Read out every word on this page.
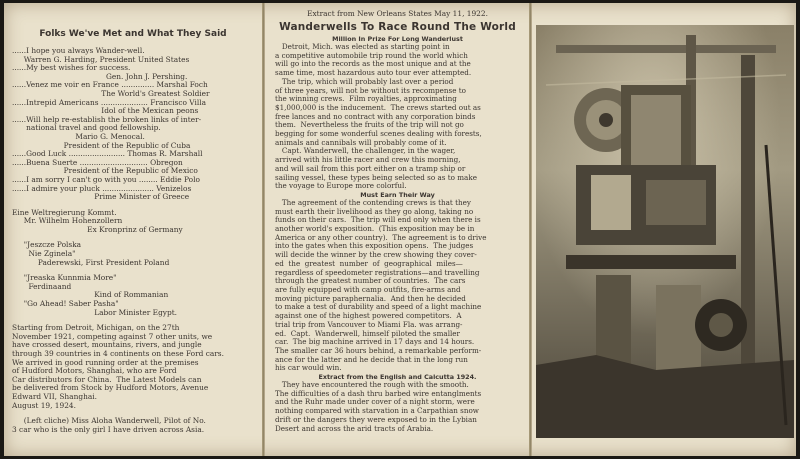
Folks We've Met and What They Said
......I hope you always Wander-well.
Warren G. Harding, President United States
......My best wishes for success.
Gen. John J. Pershing.
......Venez me voir en France .............. Marshal Foch
The World's Greatest Soldier
......Intrepid Americans .................... Francisco Villa
Idol of the Mexican peons
......Will help re-establish the broken links of inter-
national travel and good fellowship.
Mario G. Menocal.
President of the Republic of Cuba
......Good Luck ........................ Thomas R. Marshall
......Buena Suerte ............................. Obregon
President of the Republic of Mexico
......I am sorry I can't go with you ........ Eddie Polo
......I admire your pluck ...................... Venizelos
Prime Minister of Greece
Eine Weltregierung Kommt.
Mr. Wilhelm Hohenzollern
Ex Kronprinz of Germany
"Jeszcze Polska
Nie Zginela"
Paderewski, First President Poland
"Jreaska Kunnmia More"
Ferdinaand
Kind of Rommanian
"Go Ahead! Saber Pasha"
Labor Minister Egypt.
Starting from Detroit, Michigan, on the 27th
November 1921, competing against 7 other units, we
have crossed desert, mountains, rivers, and jungle
through 39 countries in 4 continents on these Ford cars.
We arrived in good running order at the premises
of Hudford Motors, Shanghai, who are Ford
Car distributors for China.  The Latest Models can
be delivered from Stock by Hudford Motors, Avenue
Edward VII, Shanghai.
August 19, 1924.
(Left cliche) Miss Aloha Wanderwell, Pilot of No.
3 car who is the only girl I have driven across Asia.
Extract from New Orleans States May 11, 1922.
Wanderwells To Race Round The World
Million In Prize For Long Wanderlust
Detroit, Mich. was elected as starting point in
a competitive automobile trip round the world which
will go into the records as the most unique and at the
same time, most hazardous auto tour ever attempted.
The trip, which will probably last over a period
of three years, will not be without its recompense to
the winning crews.  Film royalties, approximating
$1,000,000 is the inducement.  The crews started out as
free lances and no contract with any corporation binds
them.  Nevertheless the fruits of the trip will not go
begging for some wonderful scenes dealing with forests,
animals and cannibals will probably come of it.
Capt. Wanderwell, the challenger, in the wager,
arrived with his little racer and crew this morning,
and will sail from this port either on a tramp ship or
sailing vessel, these types being selected so as to make
the voyage to Europe more colorful.
Must Earn Their Way
The agreement of the contending crews is that they
must earth their livelihood as they go along, taking no
funds on their cars.  The trip will end only when there is
another world's exposition.  (This exposition may be in
America or any other country).  The agreement is to drive
into the gates when this exposition opens.  The judges
will decide the winner by the crew showing they cover-
ed  the  greatest  number  of  geographical  miles—
regardless of speedometer registrations—and travelling
through the greatest number of countries.  The cars
are fully equipped with camp outfits, fire-arms and
moving picture paraphernalia.  And then he decided
to make a test of durability and speed of a light machine
against one of the highest powered competitors.  A
trial trip from Vancouver to Miami Fla. was arrang-
ed.  Capt.  Wanderwell, himself piloted the smaller
car.  The big machine arrived in 17 days and 14 hours.
The smaller car 36 hours behind, a remarkable perform-
ance for the latter and he decide that in the long run
his car would win.
Extract from the English and Calcutta 1924.
They have encountered the rough with the smooth.
The difficulties of a dash thru barbed wire entanglments
and the Ruhr made under cover of a night storm, were
nothing compared with starvation in a Carpathian snow
drift or the dangers they were exposed to in the Lybian
Desert and across the arid tracts of Arabia.
